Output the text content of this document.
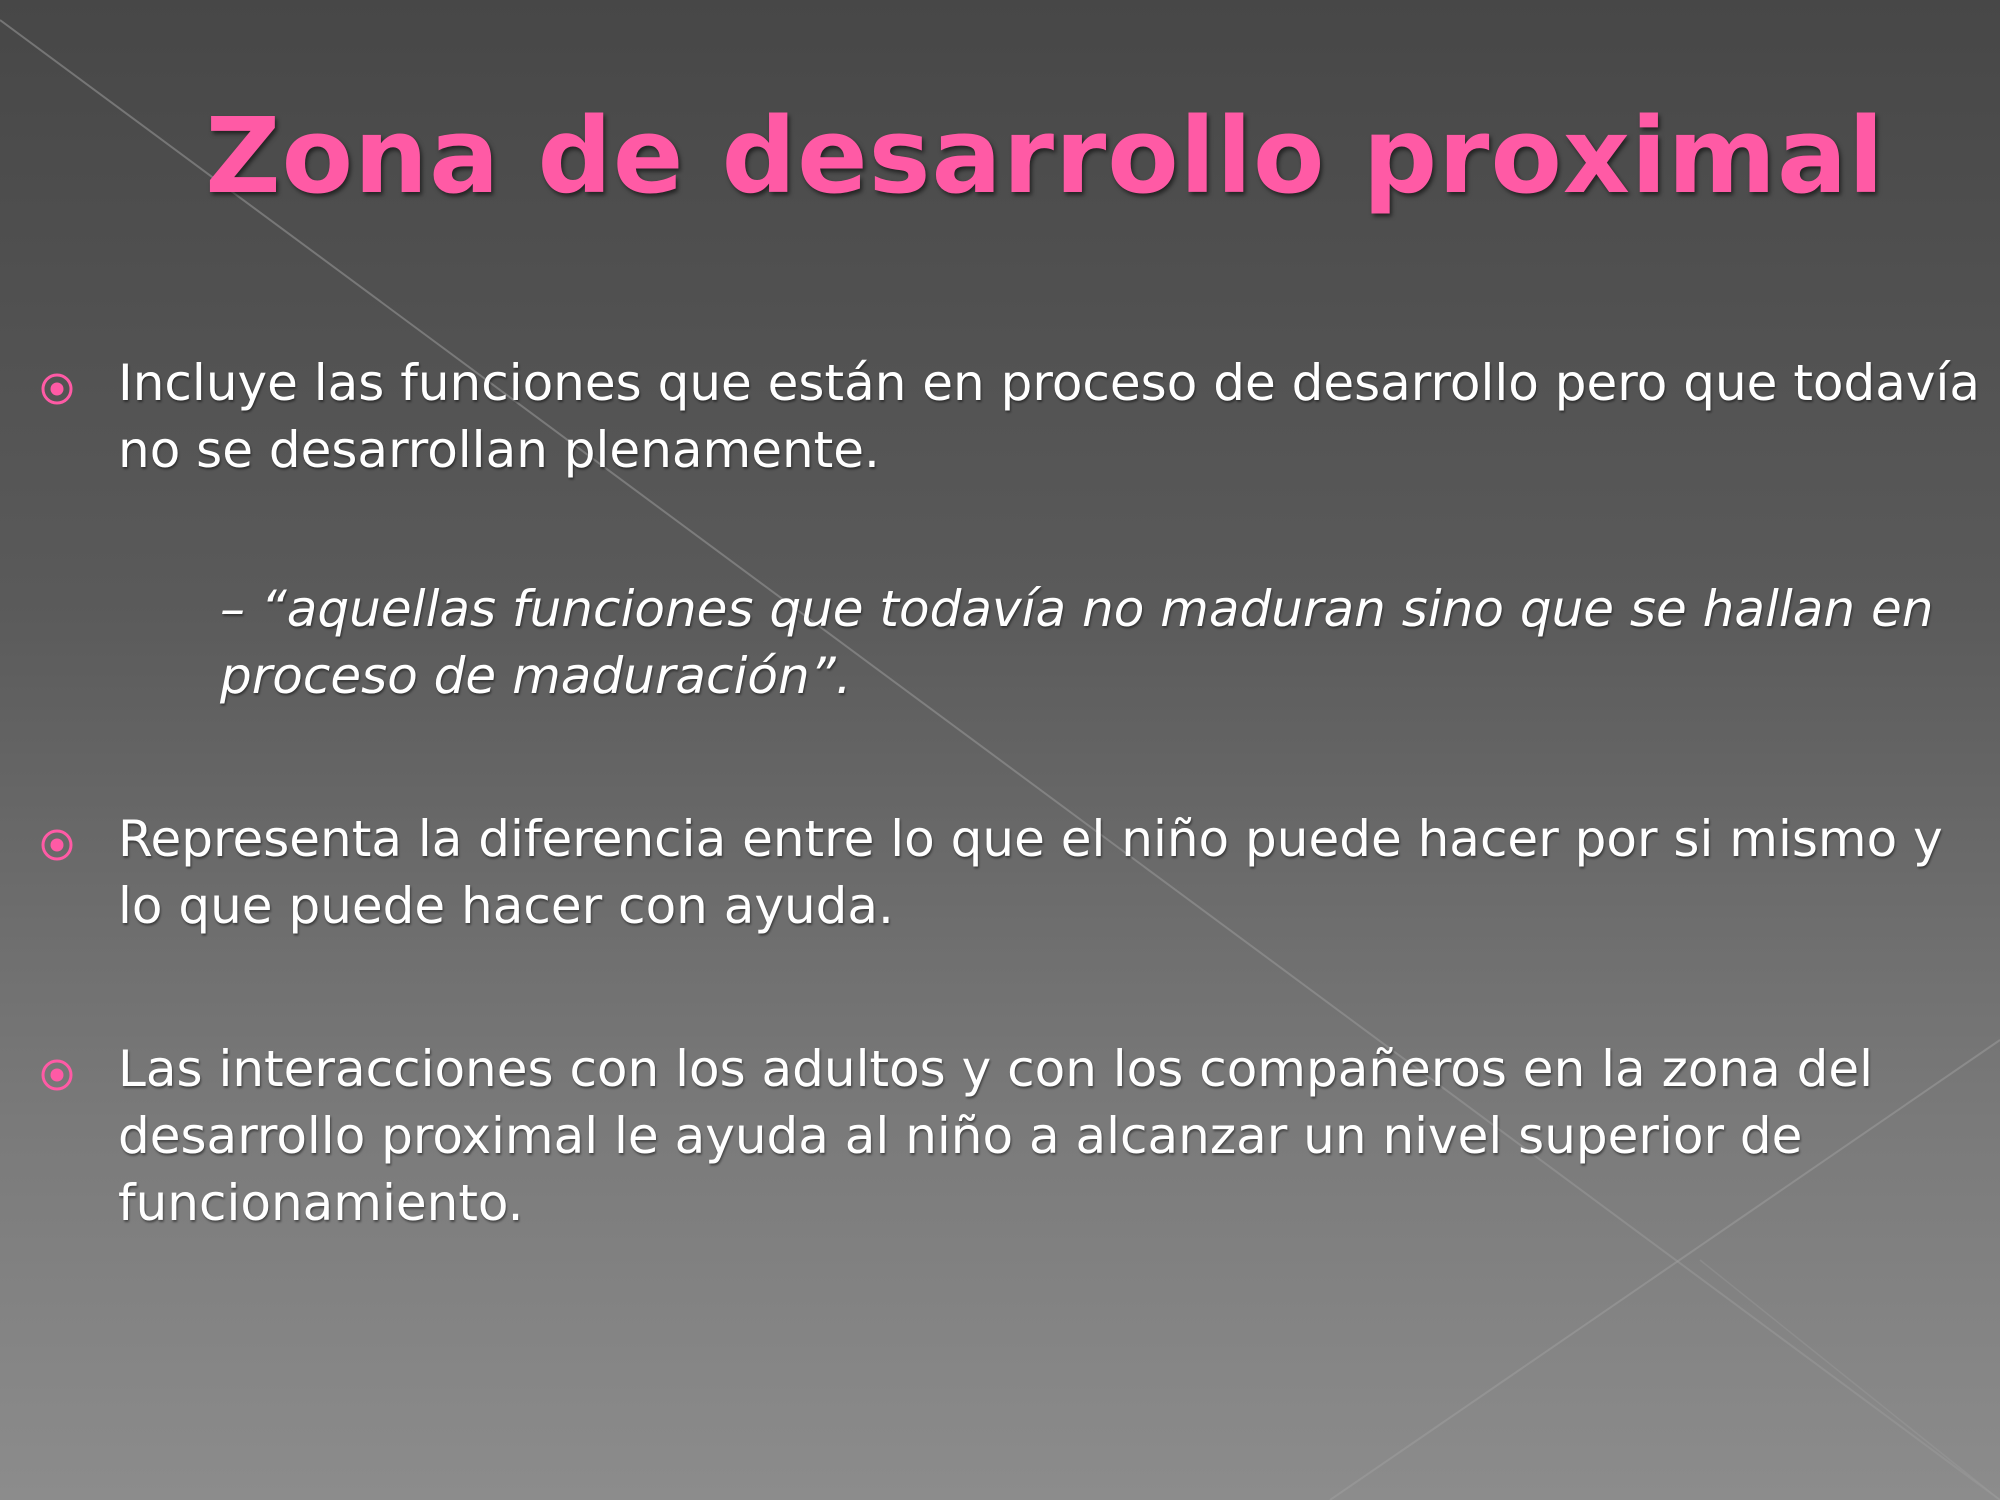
Zona de desarrollo proximal
Incluye las funciones que están en proceso de desarrollo pero que todavía no se desarrollan plenamente.
– “aquellas funciones que todavía no maduran sino que se hallan en proceso de maduración”.
Representa la diferencia entre lo que el niño puede hacer por si mismo y lo que puede hacer con ayuda.
Las interacciones con los adultos y con los compañeros en la zona del desarrollo proximal le ayuda al niño a alcanzar un nivel superior de funcionamiento.
